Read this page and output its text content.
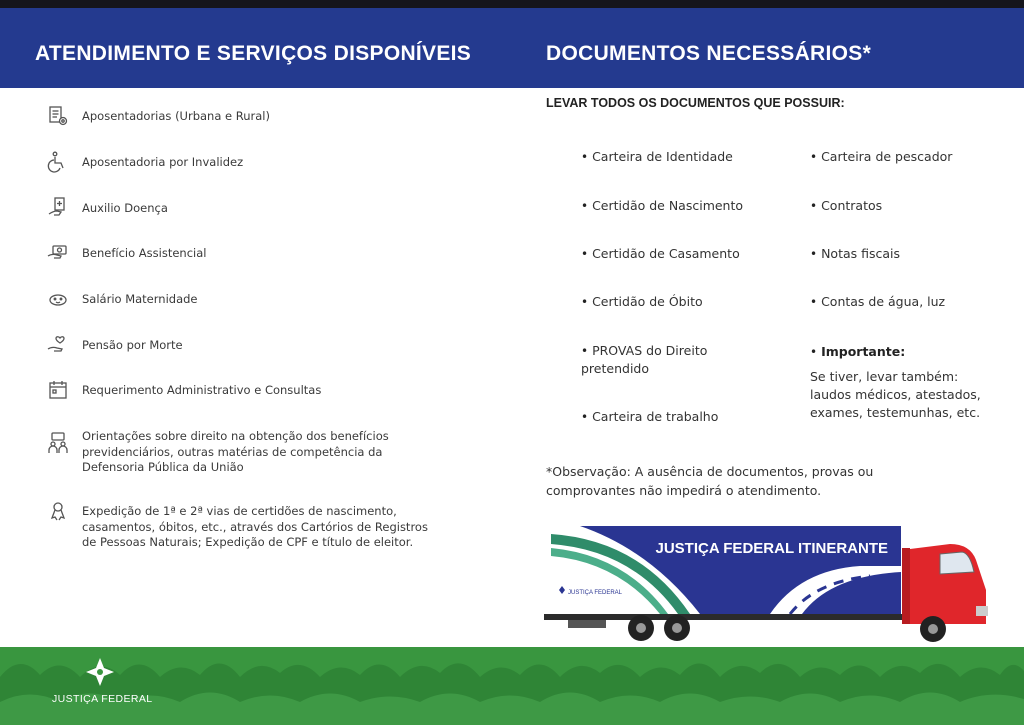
ATENDIMENTO E SERVIÇOS DISPONÍVEIS	DOCUMENTOS NECESSÁRIOS*
Aposentadorias (Urbana e Rural)
Aposentadoria por Invalidez
Auxilio Doença
Benefício Assistencial
Salário Maternidade
Pensão por Morte
Requerimento Administrativo e Consultas
Orientações sobre direito na obtenção dos benefícios previdenciários, outras matérias de competência da Defensoria Pública da União
Expedição de 1ª e 2ª vias de certidões de nascimento, casamentos, óbitos, etc., através dos Cartórios de Registros de Pessoas Naturais; Expedição de CPF e título de eleitor.
LEVAR TODOS OS DOCUMENTOS QUE POSSUIR:
• Carteira de Identidade
• Certidão de Nascimento
• Certidão de Casamento
• Certidão de Óbito
• PROVAS do Direito pretendido
• Carteira de trabalho
• Carteira de pescador
• Contratos
• Notas fiscais
• Contas de água, luz
• Importante:
Se tiver, levar também: laudos médicos, atestados, exames, testemunhas, etc.
*Observação: A ausência de documentos, provas ou comprovantes não impedirá o atendimento.
JUSTIÇA FEDERAL ITINERANTE
JUSTIÇA FEDERAL
JUSTIÇA FEDERAL
